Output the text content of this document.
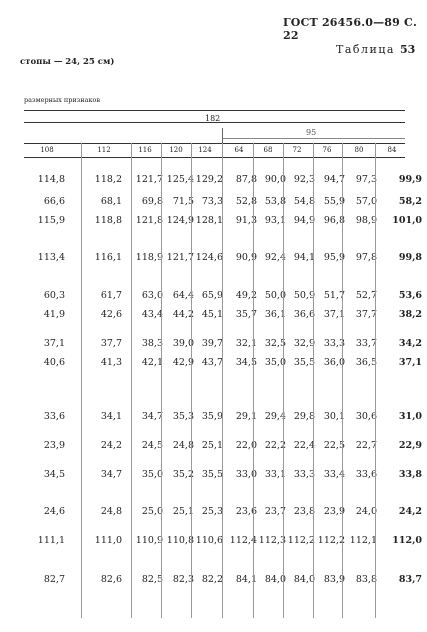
ГОСТ 26456.0—89 С. 22
Таблица 53
стопы — 24, 25 см)
размерных признаков
182
95
108	112	116	120	124	64	68	72	76	80	84
114,8	118,2	121,7 125,4 129,2	87,8 90,0 92,3 94,7	97,3	99,9
66,6	68,1	69,8	71,5 73,3	52,8 53,8 54,8 55,9	57,0	58,2
115,9	118,8	121,8 124,9 128,1	91,3 93,1 94,9 96,8	98,9	101,0
113,4	116,1	118,9 121,7 124,6	90,9 92,4 94,1 95,9	97,8	99,8
60,3	61,7	63,0	64,4 65,9	49,2 50,0 50,9 51,7	52,7	53,6
41,9	42,6	43,4	44,2 45,1	35,7 36,1 36,6 37,1	37,7	38,2
37,1	37,7	38,3	39,0 39,7	32,1 32,5 32,9 33,3	33,7	34,2
40,6	41,3	42,1	42,9 43,7	34,5 35,0 35,5 36,0	36,5	37,1
33,6	34,1	34,7	35,3 35,9	29,1 29,4 29,8 30,1	30,6	31,0
23,9	24,2	24,5	24,8 25,1	22,0 22,2 22,4 22,5	22,7	22,9
34,5	34,7	35,0	35,2 35,5	33,0 33,1 33,3 33,4	33,6	33,8
24,6	24,8	25,0	25,1 25,3	23,6 23,7 23,8 23,9	24,0	24,2
111,1	111,0	110,9 110,8 110,6 112,4 112,3 112,2 112,2 112,1	112,0
82,7	82,6	82,5	82,3 82,2	84,1 84,0 84,0 83,9	83,8	83,7
